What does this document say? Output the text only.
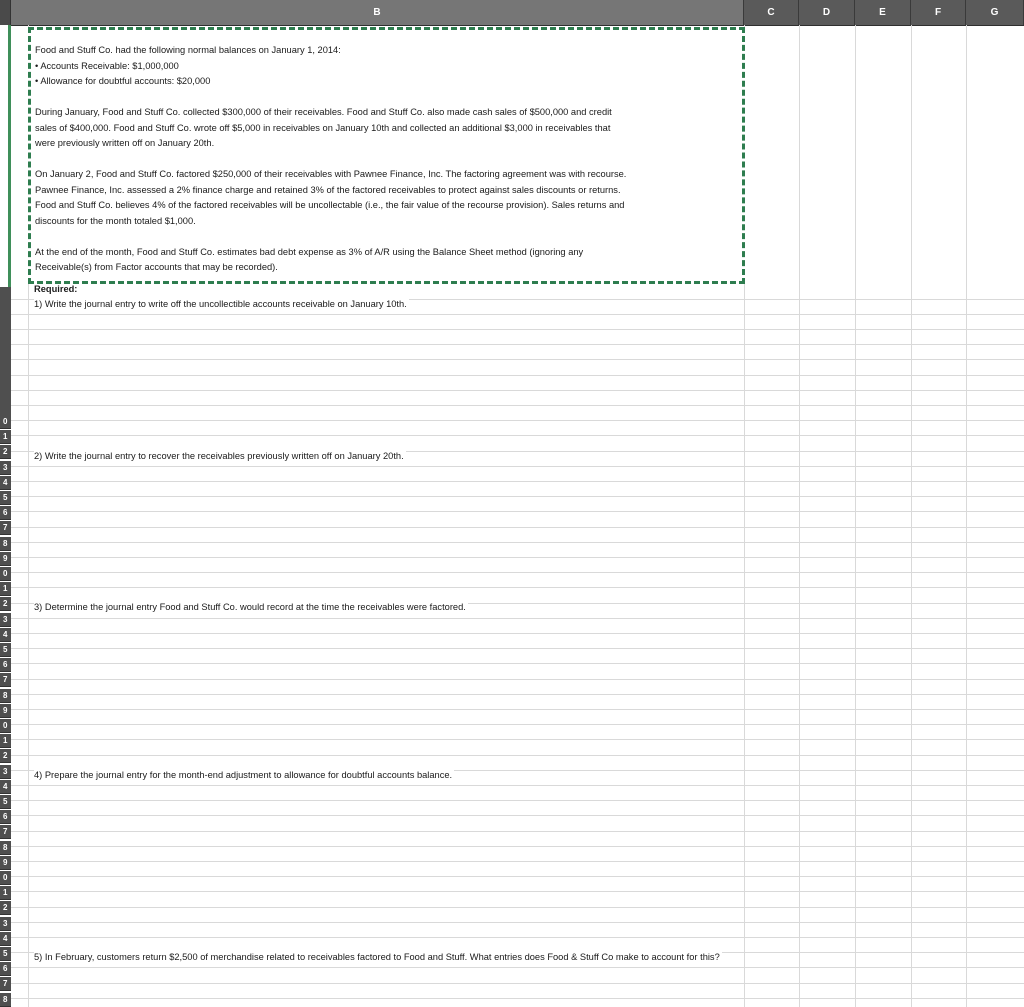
B	C	D	E	F	G
0
1
2
3
4
5
6
7
8
9
0
1
2
3
4
5
6
7
8
9
0
1
2
3
4
5
6
7
8
9
0
1
2
3
4
5
6
7
8

Food and Stuff Co. had the following normal balances on January 1, 2014:

• Accounts Receivable: $1,000,000

• Allowance for doubtful accounts: $20,000

During January, Food and Stuff Co. collected $300,000 of their receivables. Food and Stuff Co. also made cash sales of $500,000 and credit

sales of $400,000. Food and Stuff Co. wrote off $5,000 in receivables on January 10th and collected an additional $3,000 in receivables that

were previously written off on January 20th.

On January 2, Food and Stuff Co. factored $250,000 of their receivables with Pawnee Finance, Inc. The factoring agreement was with recourse.

Pawnee Finance, Inc. assessed a 2% finance charge and retained 3% of the factored receivables to protect against sales discounts or returns.

Food and Stuff Co. believes 4% of the factored receivables will be uncollectable (i.e., the fair value of the recourse provision). Sales returns and

discounts for the month totaled $1,000.

At the end of the month, Food and Stuff Co. estimates bad debt expense as 3% of A/R using the Balance Sheet method (ignoring any

Receivable(s) from Factor accounts that may be recorded).

Required:
1) Write the journal entry to write off the uncollectible accounts receivable on January 10th.
2) Write the journal entry to recover the receivables previously written off on January 20th.
3) Determine the journal entry Food and Stuff Co. would record at the time the receivables were factored.
4) Prepare the journal entry for the month-end adjustment to allowance for doubtful accounts balance.
5) In February, customers return $2,500 of merchandise related to receivables factored to Food and Stuff. What entries does Food & Stuff Co make to account for this?
